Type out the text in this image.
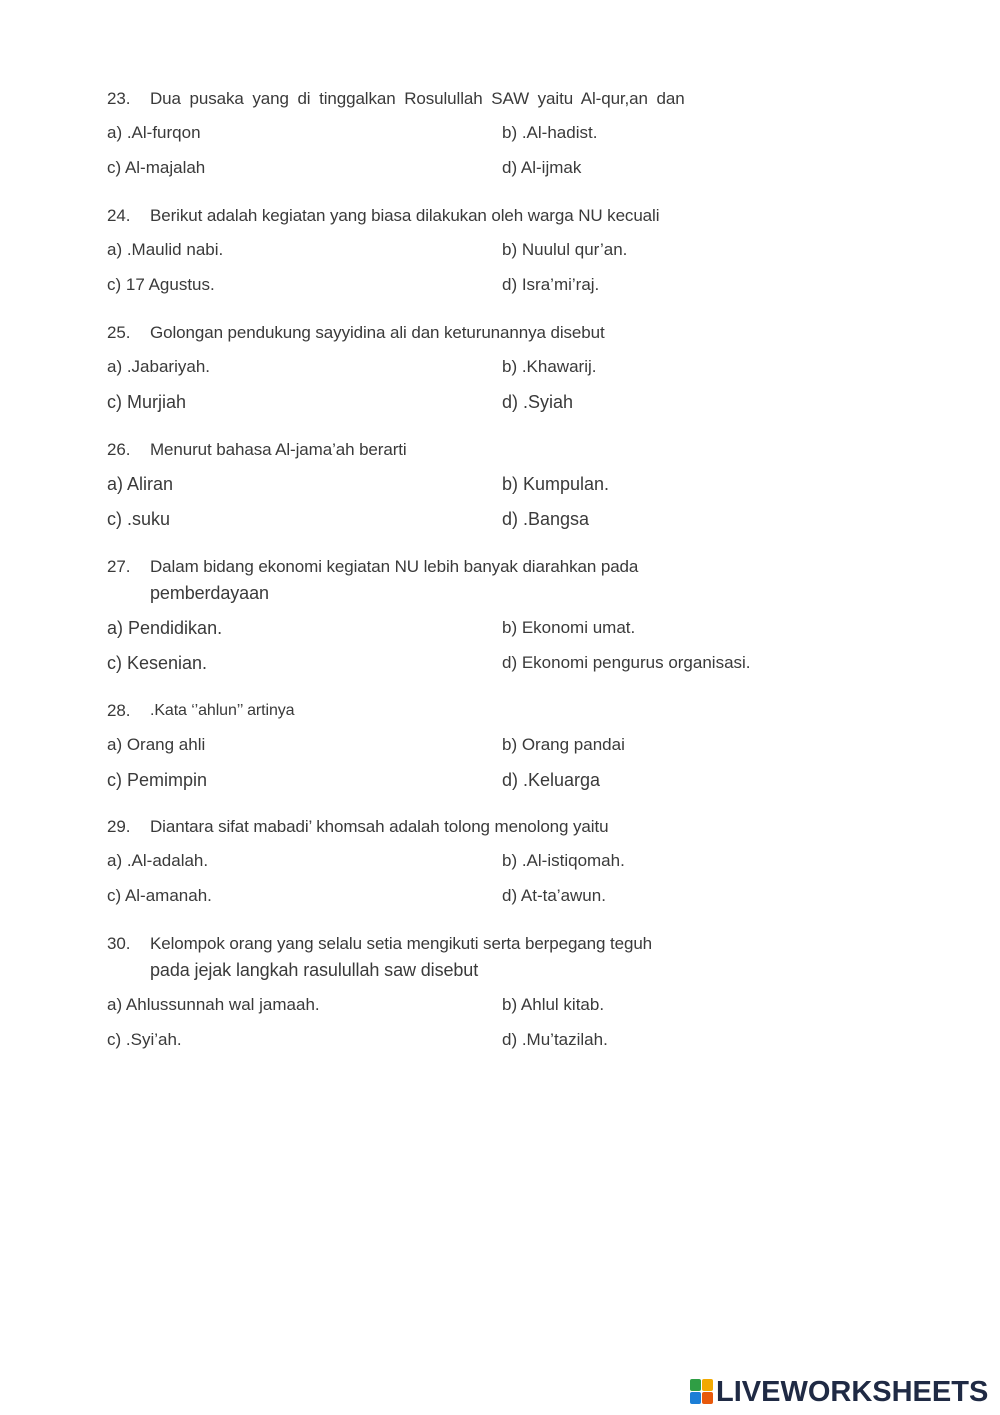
23.	Dua pusaka yang di tinggalkan Rosulullah SAW yaitu Al-qur,an dan
a) .Al-furqon	b) .Al-hadist.
c) Al-majalah	d) Al-ijmak
24.	Berikut adalah kegiatan yang biasa dilakukan oleh warga NU kecuali
a) .Maulid nabi.	b) Nuulul qur’an.
c) 17 Agustus.	d) Isra’mi’raj.
25.	Golongan pendukung sayyidina ali dan keturunannya disebut
a) .Jabariyah.	b) .Khawarij.
c) Murjiah	d) .Syiah
26.	Menurut bahasa Al-jama’ah berarti
a) Aliran	b) Kumpulan.
c) .suku	d) .Bangsa
27.	Dalam bidang ekonomi kegiatan NU lebih banyak diarahkan pada
pemberdayaan
a) Pendidikan.	b) Ekonomi umat.
c) Kesenian.	d) Ekonomi pengurus organisasi.
28.	.Kata ‘’ahlun’’ artinya
a) Orang ahli	b) Orang pandai
c) Pemimpin	d) .Keluarga
29.	Diantara sifat mabadi’ khomsah adalah tolong menolong yaitu
a) .Al-adalah.	b) .Al-istiqomah.
c) Al-amanah.	d) At-ta’awun.
30.	Kelompok orang yang selalu setia mengikuti serta berpegang teguh
pada jejak langkah rasulullah saw disebut
a) Ahlussunnah wal jamaah.	b) Ahlul kitab.
c) .Syi’ah.	d) .Mu’tazilah.
LIVEWORKSHEETS
